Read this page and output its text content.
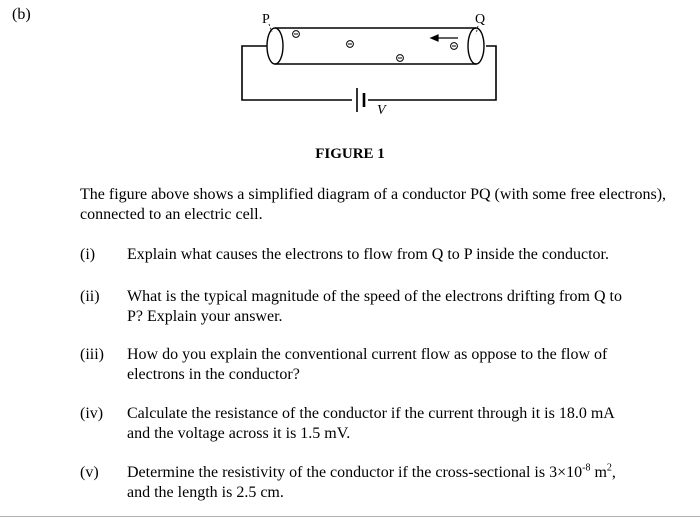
(b)	P	Q
V
FIGURE 1
The figure above shows a simplified diagram of a conductor PQ (with some free electrons), connected to an electric cell.
(i)	Explain what causes the electrons to flow from Q to P inside the conductor.
(ii)	What is the typical magnitude of the speed of the electrons drifting from Q to
P? Explain your answer.
(iii)	How do you explain the conventional current flow as oppose to the flow of
electrons in the conductor?
(iv)	Calculate the resistance of the conductor if the current through it is 18.0 mA
and the voltage across it is 1.5 mV.
(v)	Determine the resistivity of the conductor if the cross-sectional is $3\times 10^{-8}$ $m^2$,
and the length is 2.5 cm.
